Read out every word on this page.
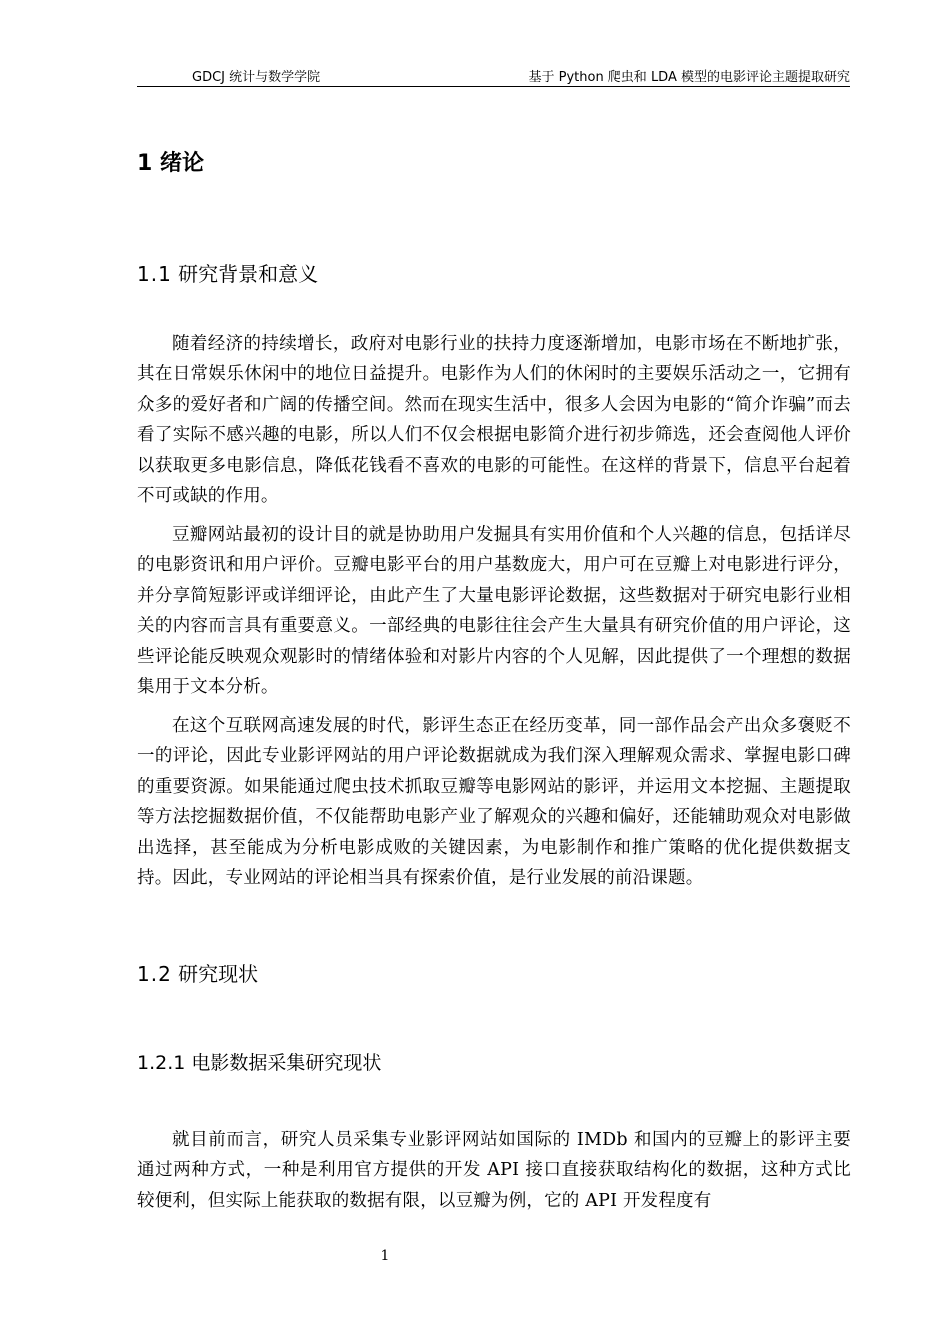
GDCJ 统计与数学学院	基于 Python 爬虫和 LDA 模型的电影评论主题提取研究
1 绪论
1.1 研究背景和意义

随着经济的持续增长，政府对电影行业的扶持力度逐渐增加，电影市场在不断地扩张，其在日常娱乐休闲中的地位日益提升。电影作为人们的休闲时的主要娱乐活动之一，它拥有众多的爱好者和广阔的传播空间。然而在现实生活中，很多人会因为电影的“简介诈骗”而去看了实际不感兴趣的电影，所以人们不仅会根据电影简介进行初步筛选，还会查阅他人评价以获取更多电影信息，降低花钱看不喜欢的电影的可能性。在这样的背景下，信息平台起着不可或缺的作用。

豆瓣网站最初的设计目的就是协助用户发掘具有实用价值和个人兴趣的信息，包括详尽的电影资讯和用户评价。豆瓣电影平台的用户基数庞大，用户可在豆瓣上对电影进行评分，并分享简短影评或详细评论，由此产生了大量电影评论数据，这些数据对于研究电影行业相关的内容而言具有重要意义。一部经典的电影往往会产生大量具有研究价值的用户评论，这些评论能反映观众观影时的情绪体验和对影片内容的个人见解，因此提供了一个理想的数据集用于文本分析。

在这个互联网高速发展的时代，影评生态正在经历变革，同一部作品会产出众多褒贬不一的评论，因此专业影评网站的用户评论数据就成为我们深入理解观众需求、掌握电影口碑的重要资源。如果能通过爬虫技术抓取豆瓣等电影网站的影评，并运用文本挖掘、主题提取等方法挖掘数据价值，不仅能帮助电影产业了解观众的兴趣和偏好，还能辅助观众对电影做出选择，甚至能成为分析电影成败的关键因素，为电影制作和推广策略的优化提供数据支持。因此，专业网站的评论相当具有探索价值，是行业发展的前沿课题。

1.2 研究现状
1.2.1 电影数据采集研究现状

就目前而言，研究人员采集专业影评网站如国际的 IMDb 和国内的豆瓣上的影评主要通过两种方式，一种是利用官方提供的开发 API 接口直接获取结构化的数据，这种方式比较便利，但实际上能获取的数据有限，以豆瓣为例，它的 API 开发程度有

1
